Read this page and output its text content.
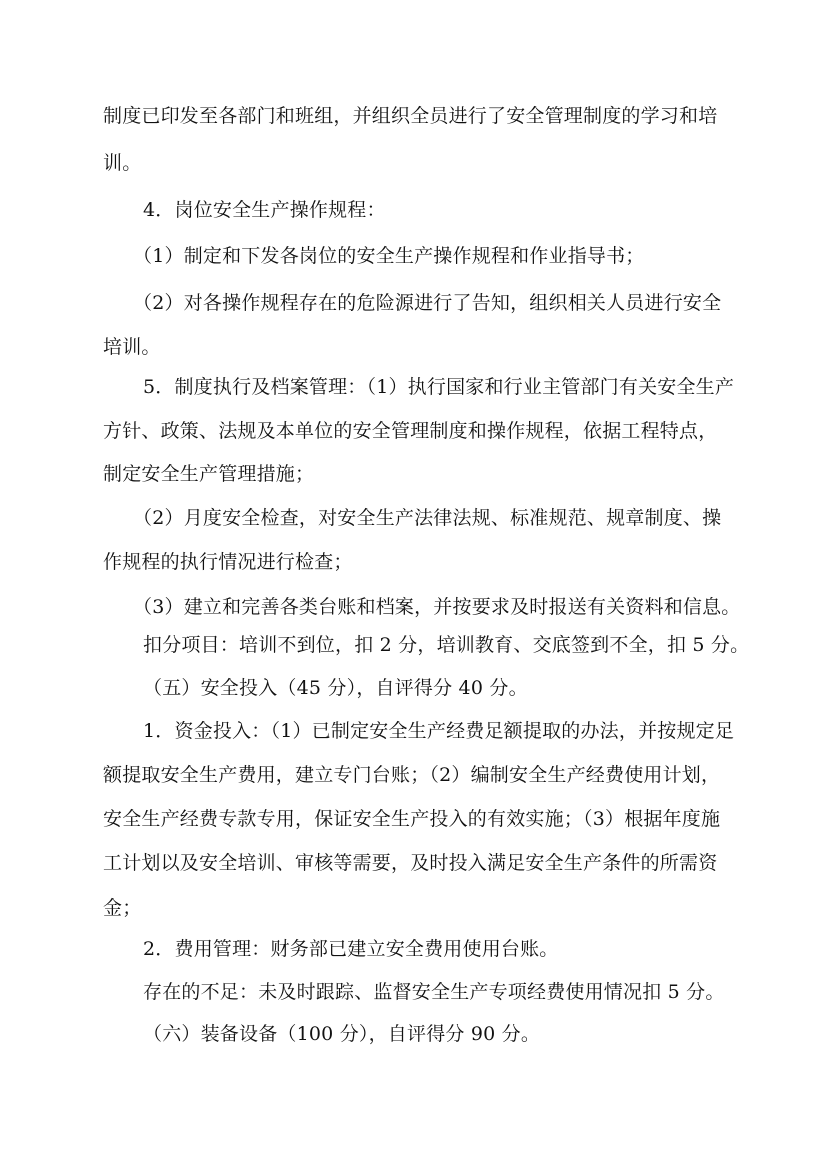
制度已印发至各部门和班组，并组织全员进行了安全管理制度的学习和培
训。
4．岗位安全生产操作规程：
（1）制定和下发各岗位的安全生产操作规程和作业指导书；
（2）对各操作规程存在的危险源进行了告知，组织相关人员进行安全
培训。
5．制度执行及档案管理：（1）执行国家和行业主管部门有关安全生产
方针、政策、法规及本单位的安全管理制度和操作规程，依据工程特点，
制定安全生产管理措施；
（2）月度安全检查，对安全生产法律法规、标准规范、规章制度、操
作规程的执行情况进行检查；
（3）建立和完善各类台账和档案，并按要求及时报送有关资料和信息。
扣分项目：培训不到位，扣 2 分，培训教育、交底签到不全，扣 5 分。
（五）安全投入（45 分），自评得分 40 分。
1．资金投入：（1）已制定安全生产经费足额提取的办法，并按规定足
额提取安全生产费用，建立专门台账；（2）编制安全生产经费使用计划，
安全生产经费专款专用，保证安全生产投入的有效实施；（3）根据年度施
工计划以及安全培训、审核等需要，及时投入满足安全生产条件的所需资
金；
2．费用管理：财务部已建立安全费用使用台账。
存在的不足：未及时跟踪、监督安全生产专项经费使用情况扣 5 分。
（六）装备设备（100 分），自评得分 90 分。
